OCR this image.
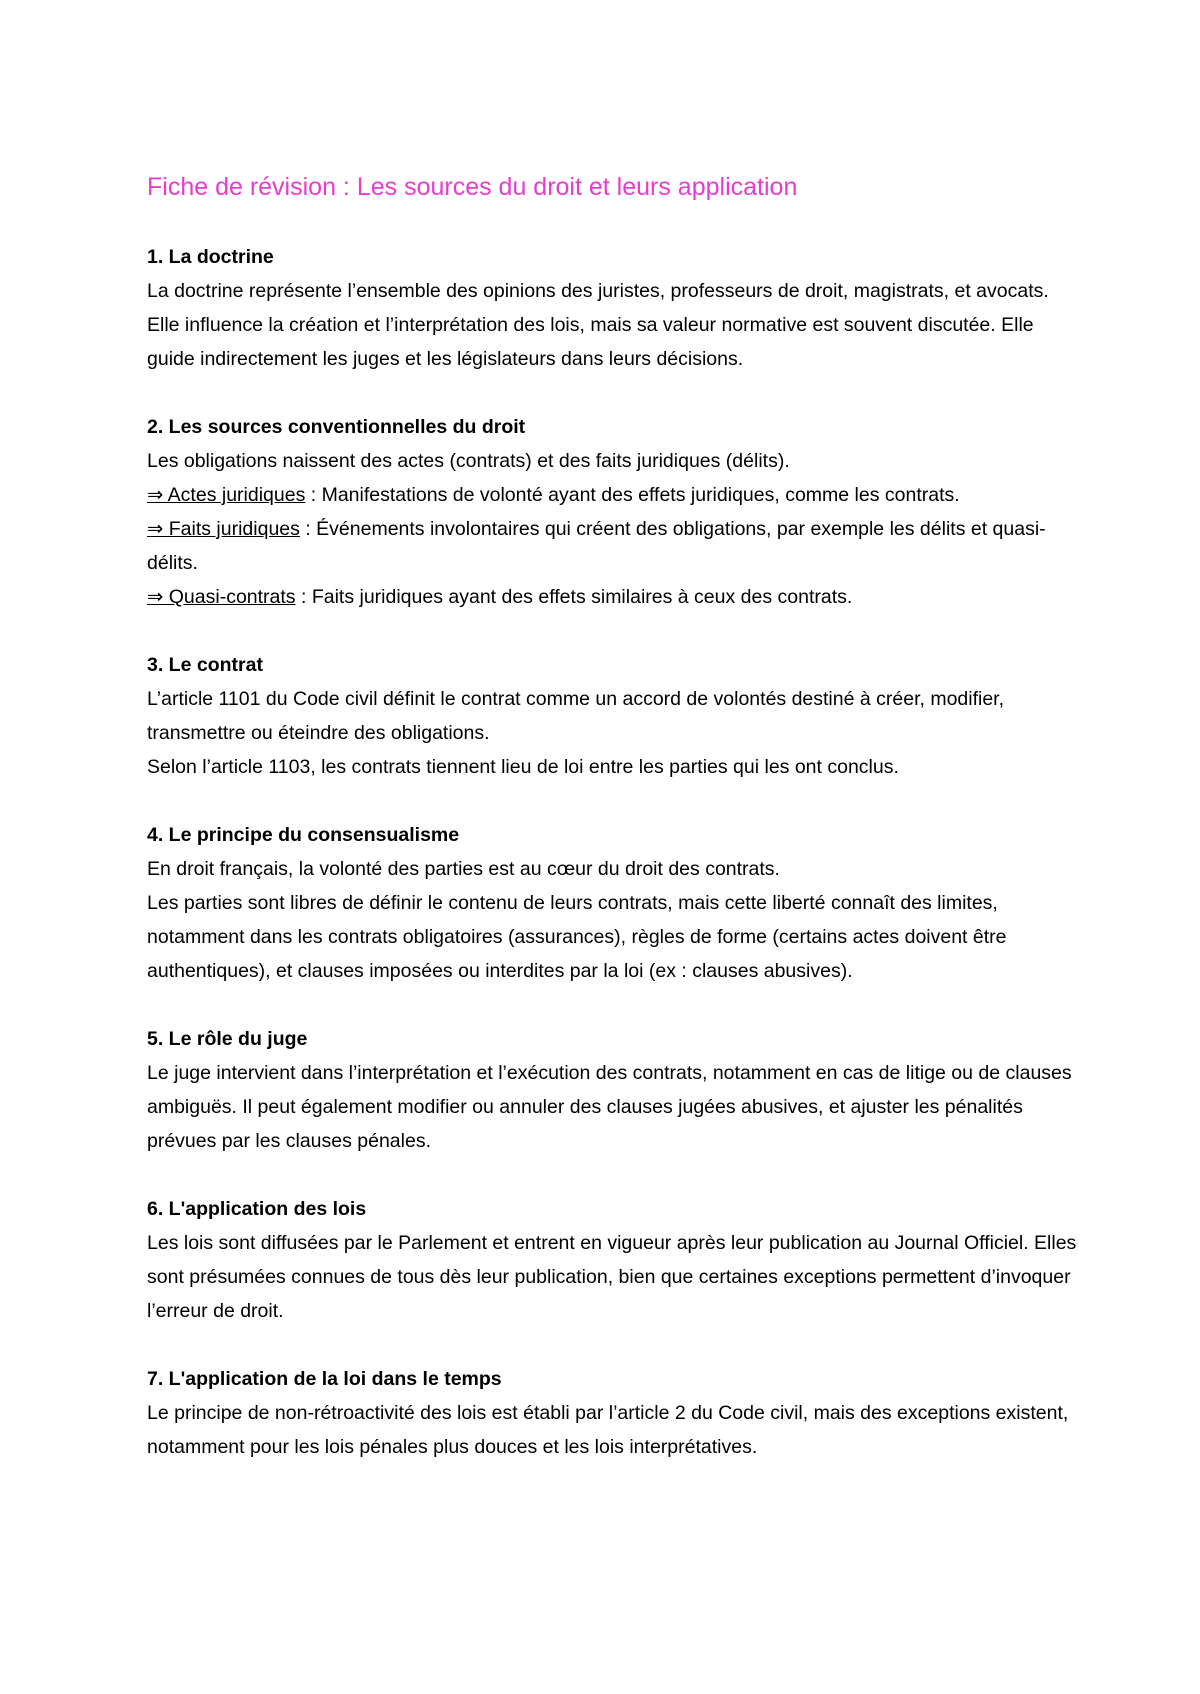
Fiche de révision : Les sources du droit et leurs application
1. La doctrine

La doctrine représente l’ensemble des opinions des juristes, professeurs de droit, magistrats, et avocats. Elle influence la création et l’interprétation des lois, mais sa valeur normative est souvent discutée. Elle guide indirectement les juges et les législateurs dans leurs décisions.

2. Les sources conventionnelles du droit

Les obligations naissent des actes (contrats) et des faits juridiques (délits).

⇒ Actes juridiques : Manifestations de volonté ayant des effets juridiques, comme les contrats.

⇒ Faits juridiques : Événements involontaires qui créent des obligations, par exemple les délits et quasi-délits.

⇒ Quasi-contrats : Faits juridiques ayant des effets similaires à ceux des contrats.

3. Le contrat

L’article 1101 du Code civil définit le contrat comme un accord de volontés destiné à créer, modifier, transmettre ou éteindre des obligations.

Selon l’article 1103, les contrats tiennent lieu de loi entre les parties qui les ont conclus.

4. Le principe du consensualisme

En droit français, la volonté des parties est au cœur du droit des contrats.

Les parties sont libres de définir le contenu de leurs contrats, mais cette liberté connaît des limites, notamment dans les contrats obligatoires (assurances), règles de forme (certains actes doivent être authentiques), et clauses imposées ou interdites par la loi (ex : clauses abusives).

5. Le rôle du juge

Le juge intervient dans l’interprétation et l’exécution des contrats, notamment en cas de litige ou de clauses ambiguës. Il peut également modifier ou annuler des clauses jugées abusives, et ajuster les pénalités prévues par les clauses pénales.

6. L'application des lois

Les lois sont diffusées par le Parlement et entrent en vigueur après leur publication au Journal Officiel. Elles sont présumées connues de tous dès leur publication, bien que certaines exceptions permettent d’invoquer l’erreur de droit.

7. L'application de la loi dans le temps

Le principe de non-rétroactivité des lois est établi par l’article 2 du Code civil, mais des exceptions existent, notamment pour les lois pénales plus douces et les lois interprétatives.
